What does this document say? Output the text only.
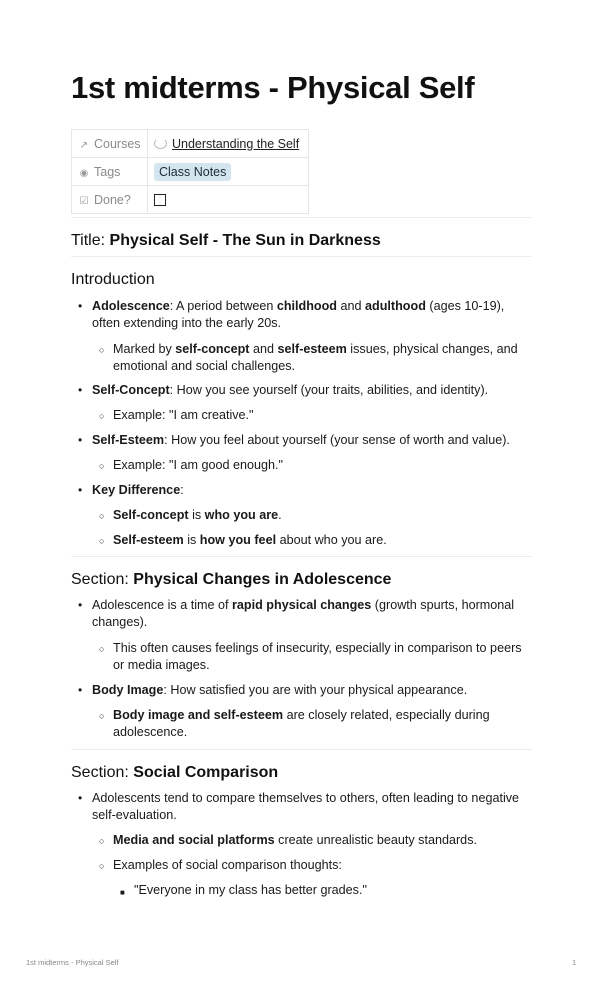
1st midterms - Physical Self
↗ Courses	Understanding the Self
◉ Tags	Class Notes
☑ Done?	
Title: Physical Self - The Sun in Darkness
Introduction
• Adolescence: A period between childhood and adulthood (ages 10-19), often extending into the early 20s.
○ Marked by self-concept and self-esteem issues, physical changes, and emotional and social challenges.
• Self-Concept: How you see yourself (your traits, abilities, and identity).
○ Example: "I am creative."
• Self-Esteem: How you feel about yourself (your sense of worth and value).
○ Example: "I am good enough."
• Key Difference:
○ Self-concept is who you are.
○ Self-esteem is how you feel about who you are.
Section: Physical Changes in Adolescence
• Adolescence is a time of rapid physical changes (growth spurts, hormonal changes).
○ This often causes feelings of insecurity, especially in comparison to peers or media images.
• Body Image: How satisfied you are with your physical appearance.
○ Body image and self-esteem are closely related, especially during adolescence.
Section: Social Comparison
• Adolescents tend to compare themselves to others, often leading to negative self-evaluation.
○ Media and social platforms create unrealistic beauty standards.
○ Examples of social comparison thoughts:
■ "Everyone in my class has better grades."
1st midterms - Physical Self	1
